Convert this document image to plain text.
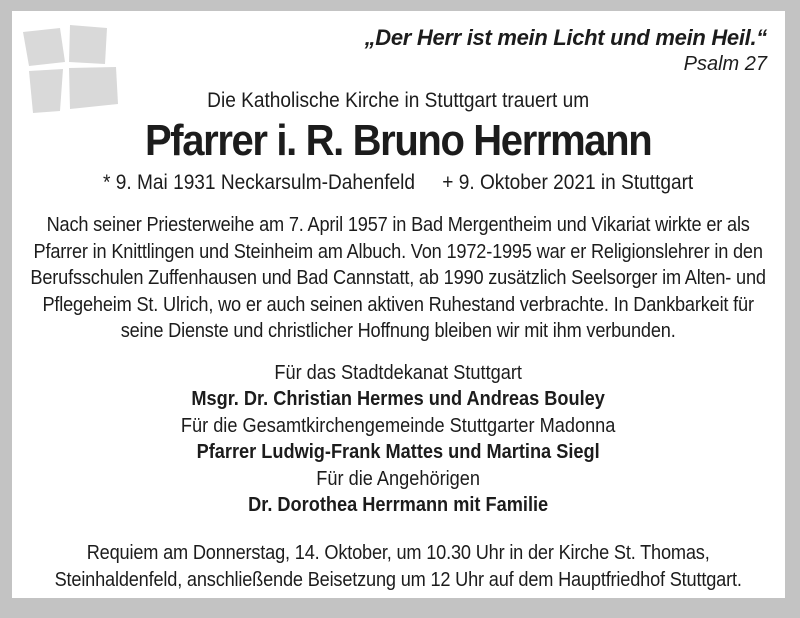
„Der Herr ist mein Licht und mein Heil.“
Psalm 27
Die Katholische Kirche in Stuttgart trauert um
Pfarrer i. R. Bruno Herrmann
* 9. Mai 1931 Neckarsulm-Dahenfeld + 9. Oktober 2021 in Stuttgart

Nach seiner Priesterweihe am 7. April 1957 in Bad Mergentheim und Vikariat wirkte er als Pfarrer in Knittlingen und Steinheim am Albuch. Von 1972-1995 war er Religionslehrer in den Berufsschulen Zuffenhausen und Bad Cannstatt, ab 1990 zusätzlich Seelsorger im Alten- und Pflegeheim St. Ulrich, wo er auch seinen aktiven Ruhestand verbrachte. In Dankbarkeit für seine Dienste und christlicher Hoffnung bleiben wir mit ihm verbunden.

Für das Stadtdekanat Stuttgart
Msgr. Dr. Christian Hermes und Andreas Bouley
Für die Gesamtkirchengemeinde Stuttgarter Madonna
Pfarrer Ludwig-Frank Mattes und Martina Siegl
Für die Angehörigen
Dr. Dorothea Herrmann mit Familie

Requiem am Donnerstag, 14. Oktober, um 10.30 Uhr in der Kirche St. Thomas, Steinhaldenfeld, anschließende Beisetzung um 12 Uhr auf dem Hauptfriedhof Stuttgart.
